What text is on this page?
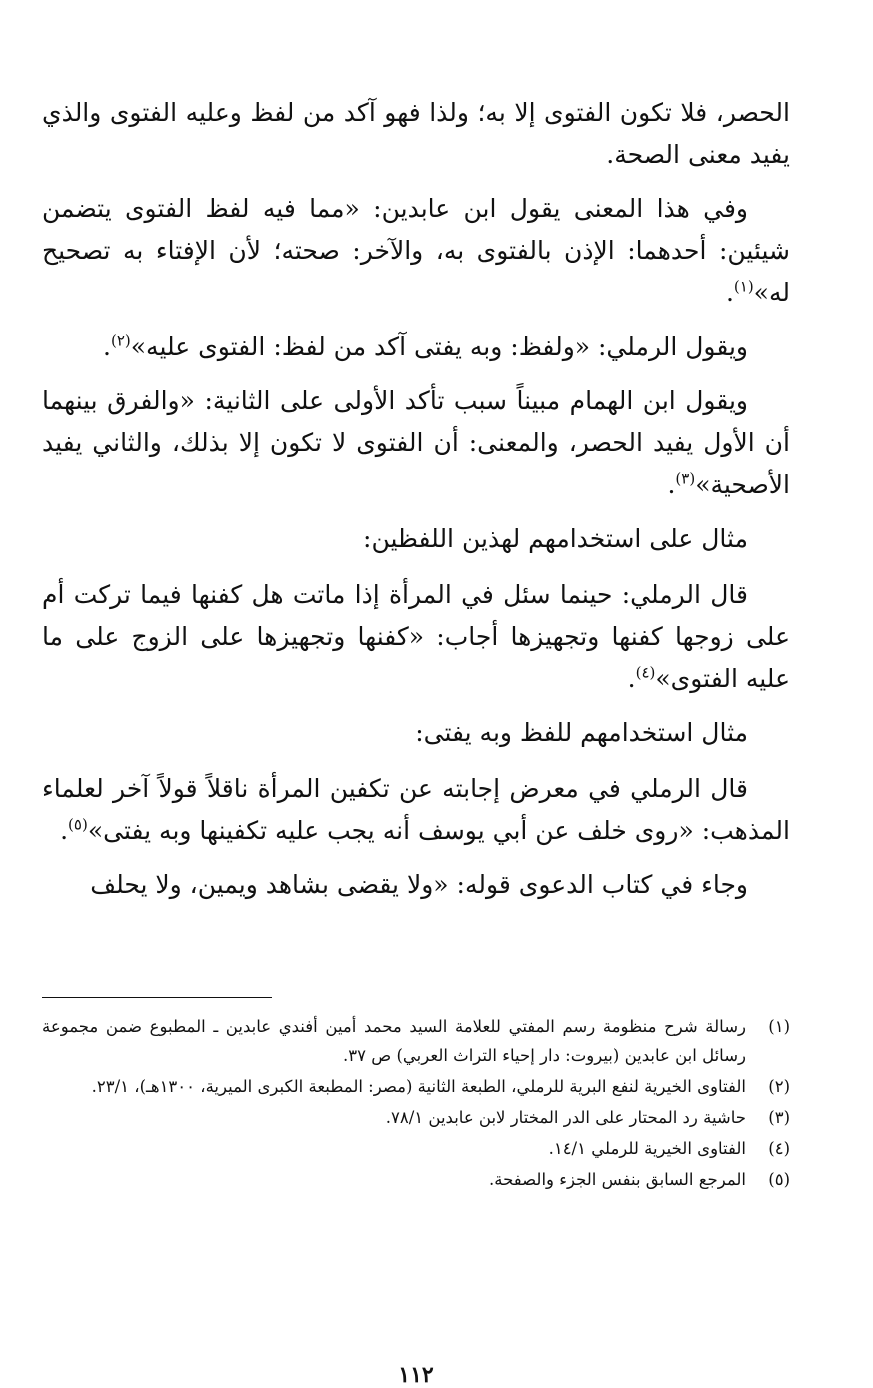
الحصر، فلا تكون الفتوى إلا به؛ ولذا فهو آكد من لفظ وعليه الفتوى والذي يفيد معنى الصحة.

وفي هذا المعنى يقول ابن عابدين: «مما فيه لفظ الفتوى يتضمن شيئين: أحدهما: الإذن بالفتوى به، والآخر: صحته؛ لأن الإفتاء به تصحيح له»$^{(١)}$.

ويقول الرملي: «ولفظ: وبه يفتى آكد من لفظ: الفتوى عليه»$^{(٢)}$.

ويقول ابن الهمام مبيناً سبب تأكد الأولى على الثانية: «والفرق بينهما أن الأول يفيد الحصر، والمعنى: أن الفتوى لا تكون إلا بذلك، والثاني يفيد الأصحية»$^{(٣)}$.

مثال على استخدامهم لهذين اللفظين:

قال الرملي: حينما سئل في المرأة إذا ماتت هل كفنها فيما تركت أم على زوجها كفنها وتجهيزها أجاب: «كفنها وتجهيزها على الزوج على ما عليه الفتوى»$^{(٤)}$.

مثال استخدامهم للفظ وبه يفتى:

قال الرملي في معرض إجابته عن تكفين المرأة ناقلاً قولاً آخر لعلماء المذهب: «روى خلف عن أبي يوسف أنه يجب عليه تكفينها وبه يفتى»$^{(٥)}$.

وجاء في كتاب الدعوى قوله: «ولا يقضى بشاهد ويمين، ولا يحلف

(١)
رسالة شرح منظومة رسم المفتي للعلامة السيد محمد أمين أفندي عابدين ـ المطبوع ضمن مجموعة رسائل ابن عابدين (بيروت: دار إحياء التراث العربي) ص ٣٧.
(٢)
الفتاوى الخيرية لنفع البرية للرملي، الطبعة الثانية (مصر: المطبعة الكبرى الميرية، ١٣٠٠هـ)، ٢٣/١.
(٣)
حاشية رد المحتار على الدر المختار لابن عابدين ٧٨/١.
(٤)
الفتاوى الخيرية للرملي ١٤/١.
(٥)
المرجع السابق بنفس الجزء والصفحة.
١١٢
